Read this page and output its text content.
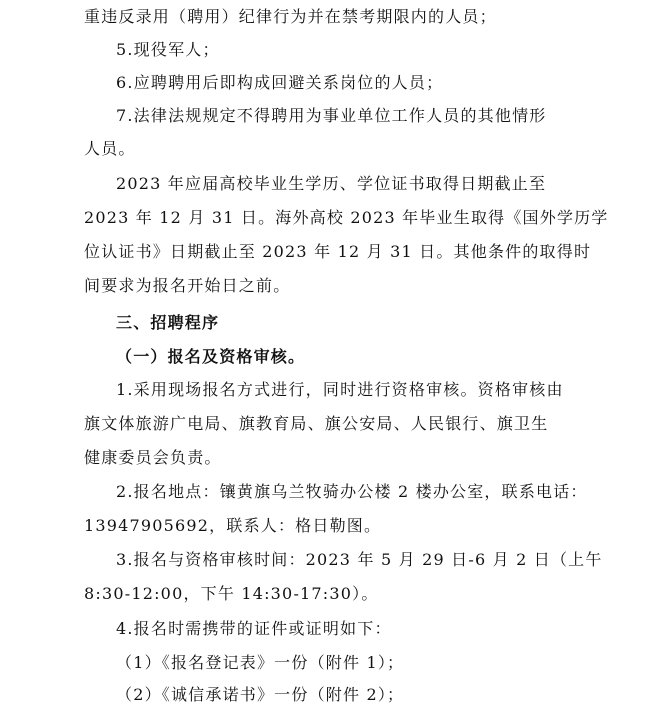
重违反录用（聘用）纪律行为并在禁考期限内的人员；
5.现役军人；
6.应聘聘用后即构成回避关系岗位的人员；
7.法律法规规定不得聘用为事业单位工作人员的其他情形
人员。
2023 年应届高校毕业生学历、学位证书取得日期截止至
2023 年 12 月 31 日。海外高校 2023 年毕业生取得《国外学历学
位认证书》日期截止至 2023 年 12 月 31 日。其他条件的取得时
间要求为报名开始日之前。
三、招聘程序
（一）报名及资格审核。
1.采用现场报名方式进行，同时进行资格审核。资格审核由
旗文体旅游广电局、旗教育局、旗公安局、人民银行、旗卫生
健康委员会负责。
2.报名地点：镶黄旗乌兰牧骑办公楼 2 楼办公室，联系电话：
13947905692，联系人：格日勒图。
3.报名与资格审核时间：2023 年 5 月 29 日-6 月 2 日（上午
8:30-12:00，下午 14:30-17:30）。
4.报名时需携带的证件或证明如下：
（1）《报名登记表》一份（附件 1）；
（2）《诚信承诺书》一份（附件 2）；
